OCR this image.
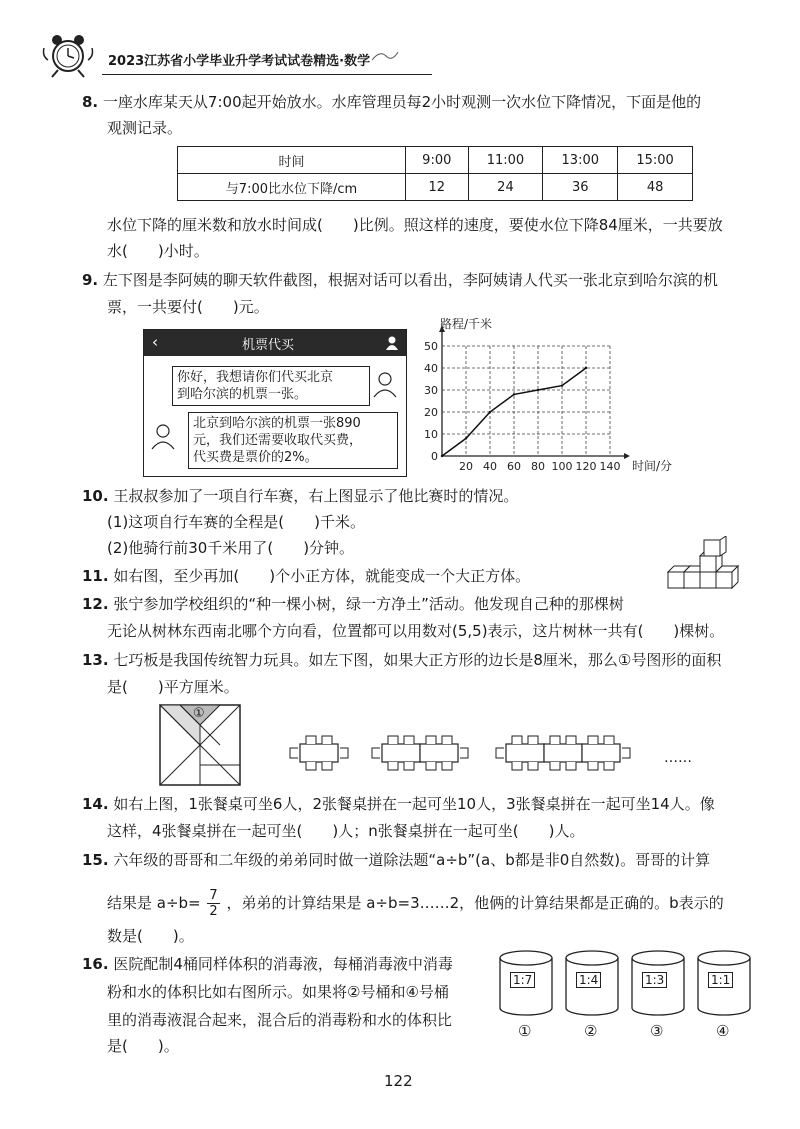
2023江苏省小学毕业升学考试试卷精选·数学
8. 一座水库某天从7:00起开始放水。水库管理员每2小时观测一次水位下降情况，下面是他的
观测记录。
时间	9:00	11:00	13:00	15:00
与7:00比水位下降/cm	12	24	36	48
水位下降的厘米数和放水时间成(　　)比例。照这样的速度，要使水位下降84厘米，一共要放
水(　　)小时。
9. 左下图是李阿姨的聊天软件截图，根据对话可以看出，李阿姨请人代买一张北京到哈尔滨的机
票，一共要付(　　)元。
‹	机票代买
你好，我想请你们代买北京
到哈尔滨的机票一张。
北京到哈尔滨的机票一张890
元，我们还需要收取代买费，
代买费是票价的2%。	0
10
20
30
40
50
20 40 60 80 100 120 140
路程/千米
时间/分
10. 王叔叔参加了一项自行车赛，右上图显示了他比赛时的情况。
(1)这项自行车赛的全程是(　　)千米。
(2)他骑行前30千米用了(　　)分钟。
11. 如右图，至少再加(　　)个小正方体，就能变成一个大正方体。
12. 张宁参加学校组织的“种一棵小树，绿一方净土”活动。他发现自己种的那棵树
无论从树林东西南北哪个方向看，位置都可以用数对(5,5)表示，这片树林一共有(　　)棵树。
13. 七巧板是我国传统智力玩具。如左下图，如果大正方形的边长是8厘米，那么①号图形的面积
是(　　)平方厘米。
①
……
14. 如右上图，1张餐桌可坐6人，2张餐桌拼在一起可坐10人，3张餐桌拼在一起可坐14人。像
这样，4张餐桌拼在一起可坐(　　)人；n张餐桌拼在一起可坐(　　)人。
15. 六年级的哥哥和二年级的弟弟同时做一道除法题“a÷b”(a、b都是非0自然数)。哥哥的计算
结果是 $a\div b= \frac{7}{2}$ ，弟弟的计算结果是 a÷b=3……2，他俩的计算结果都是正确的。b表示的
数是(　　)。
16. 医院配制4桶同样体积的消毒液，每桶消毒液中消毒
粉和水的体积比如右图所示。如果将②号桶和④号桶
里的消毒液混合起来，混合后的消毒粉和水的体积比
是(　　)。
1:7
①
1:4
②
1:3
③
1:1
④
122
